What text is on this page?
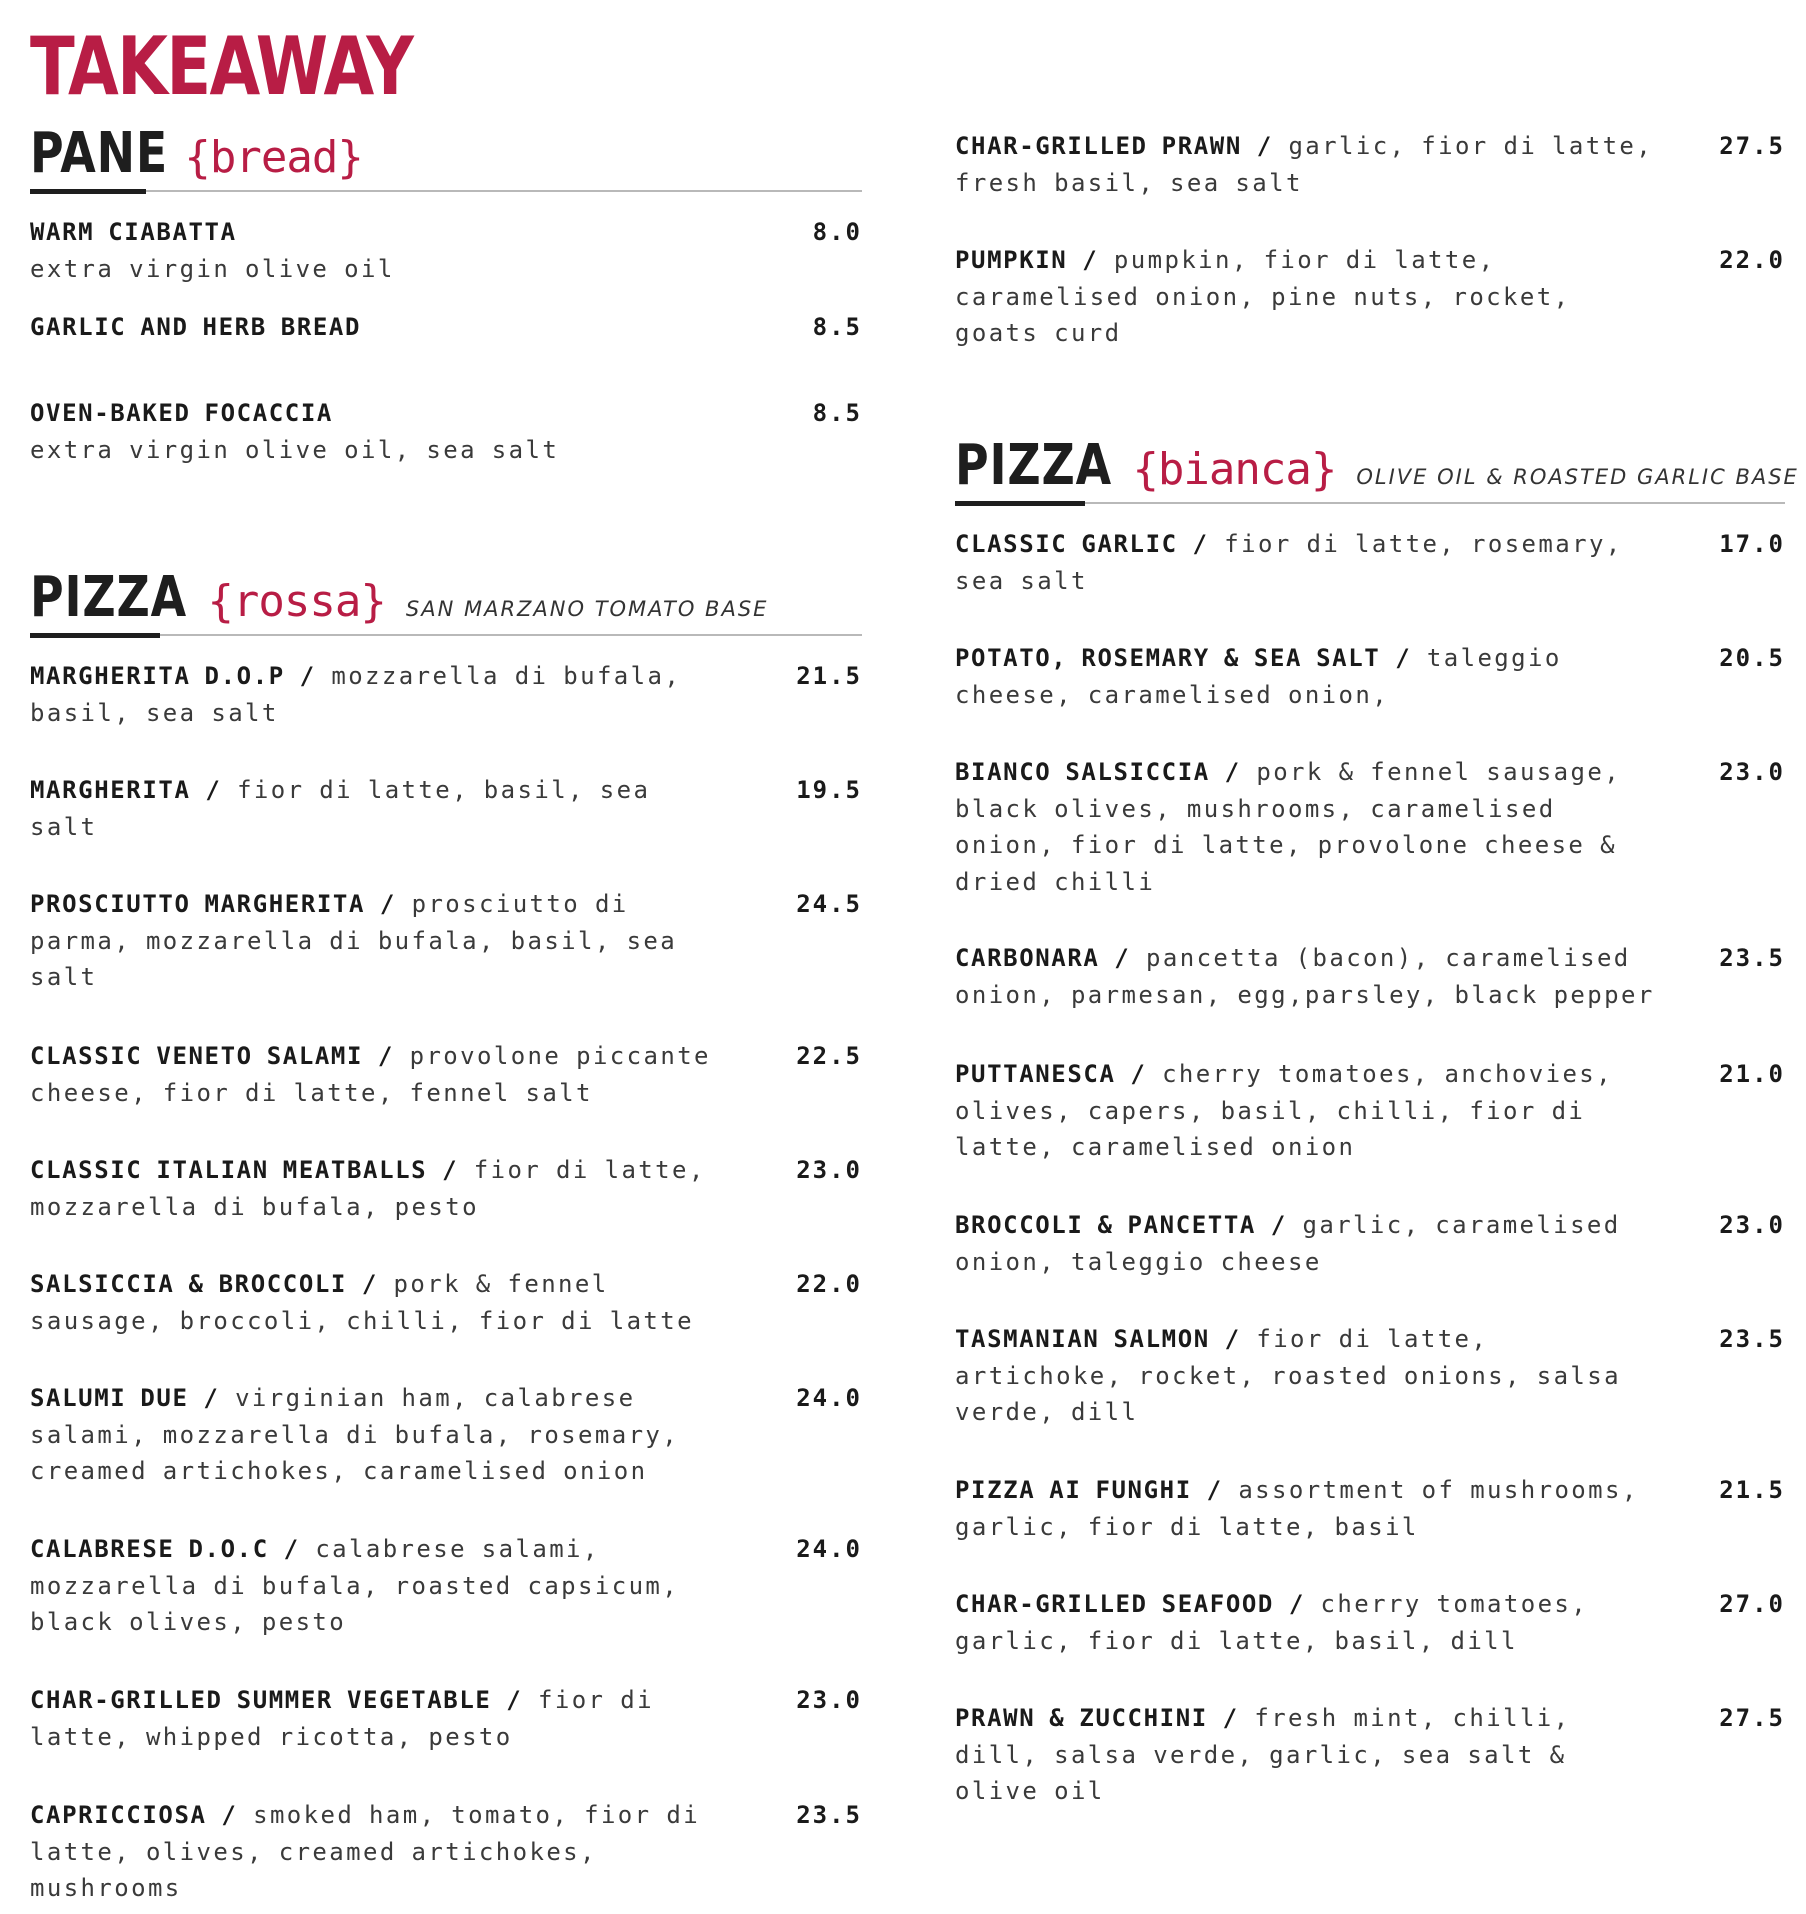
TAKEAWAY
PANE {bread}
WARM CIABATTA
extra virgin olive oil
8.0
GARLIC AND HERB BREAD	8.5
OVEN-BAKED FOCACCIA
extra virgin olive oil, sea salt
8.5
PIZZA {rossa} SAN MARZANO TOMATO BASE
MARGHERITA D.O.P / mozzarella di bufala, basil, sea salt
21.5
MARGHERITA / fior di latte, basil, sea salt
19.5
PROSCIUTTO MARGHERITA / prosciutto di parma, mozzarella di bufala, basil, sea salt
24.5
CLASSIC VENETO SALAMI / provolone piccante cheese, fior di latte, fennel salt
22.5
CLASSIC ITALIAN MEATBALLS / fior di latte, mozzarella di bufala, pesto
23.0
SALSICCIA & BROCCOLI / pork & fennel sausage, broccoli, chilli, fior di latte
22.0
SALUMI DUE / virginian ham, calabrese salami, mozzarella di bufala, rosemary, creamed artichokes, caramelised onion
24.0
CALABRESE D.O.C / calabrese salami, mozzarella di bufala, roasted capsicum, black olives, pesto
24.0
CHAR-GRILLED SUMMER VEGETABLE / fior di latte, whipped ricotta, pesto
23.0
CAPRICCIOSA / smoked ham, tomato, fior di latte, olives, creamed artichokes, mushrooms
23.5
CHAR-GRILLED PRAWN / garlic, fior di latte, fresh basil, sea salt
27.5
PUMPKIN / pumpkin, fior di latte, caramelised onion, pine nuts, rocket, goats curd
22.0
PIZZA {bianca} OLIVE OIL & ROASTED GARLIC BASE
CLASSIC GARLIC / fior di latte, rosemary, sea salt
17.0
POTATO, ROSEMARY & SEA SALT / taleggio cheese, caramelised onion,
20.5
BIANCO SALSICCIA / pork & fennel sausage, black olives, mushrooms, caramelised onion, fior di latte, provolone cheese & dried chilli
23.0
CARBONARA / pancetta (bacon), caramelised onion, parmesan, egg,parsley, black pepper
23.5
PUTTANESCA / cherry tomatoes, anchovies, olives, capers, basil, chilli, fior di latte, caramelised onion
21.0
BROCCOLI & PANCETTA / garlic, caramelised onion, taleggio cheese
23.0
TASMANIAN SALMON / fior di latte, artichoke, rocket, roasted onions, salsa verde, dill
23.5
PIZZA AI FUNGHI / assortment of mushrooms, garlic, fior di latte, basil
21.5
CHAR-GRILLED SEAFOOD / cherry tomatoes, garlic, fior di latte, basil, dill
27.0
PRAWN & ZUCCHINI / fresh mint, chilli, dill, salsa verde, garlic, sea salt & olive oil
27.5
